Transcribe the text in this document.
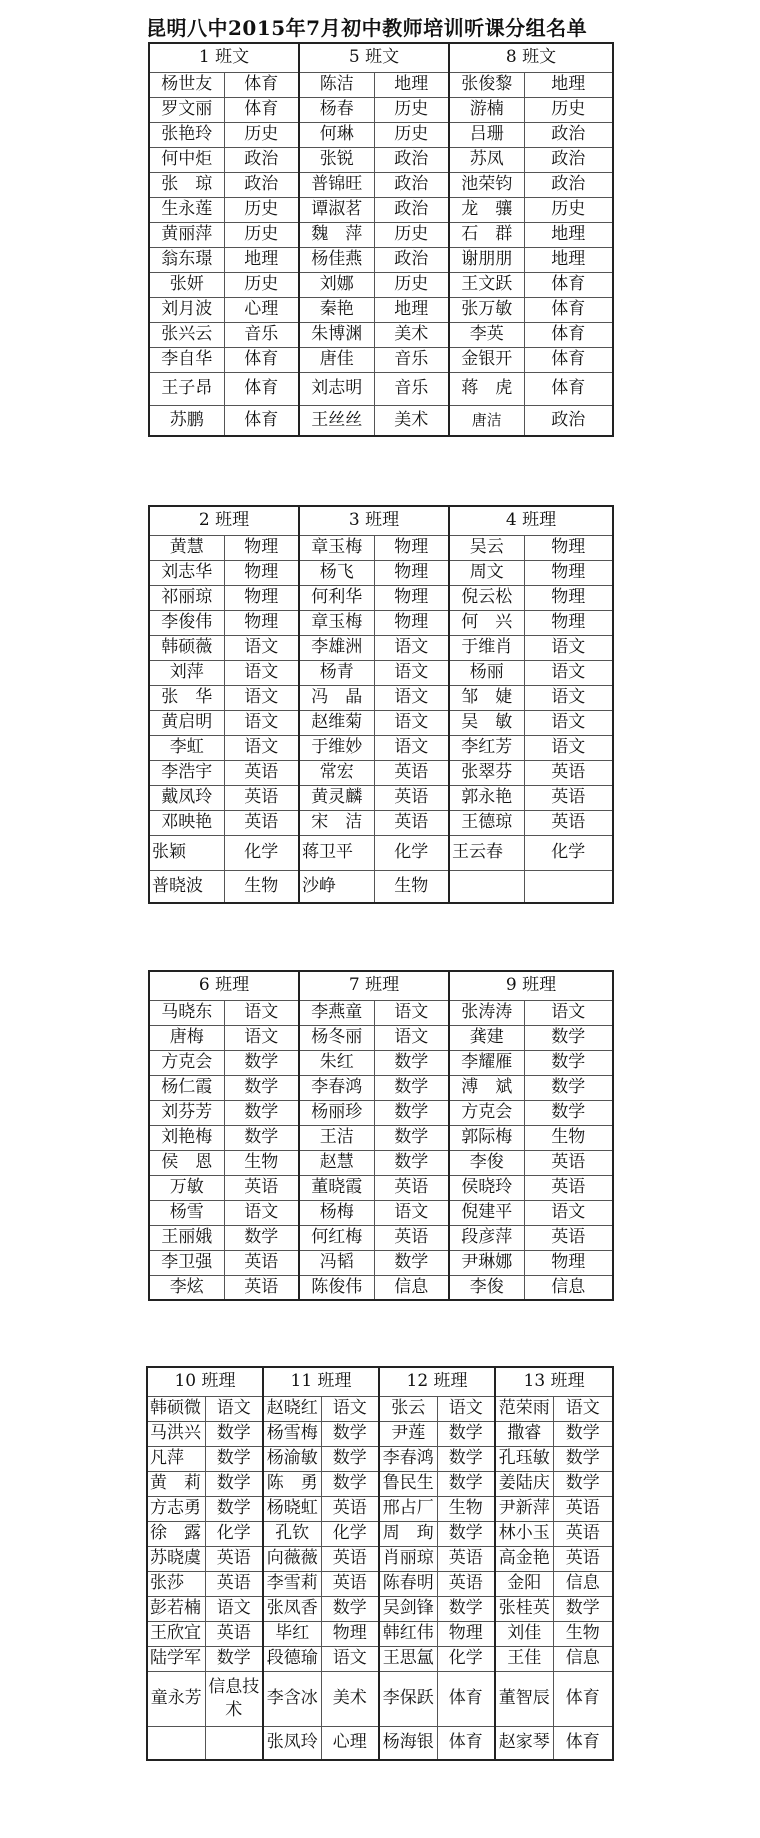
昆明八中2015年7月初中教师培训听课分组名单
1 班文		5 班文		8 班文	
杨世友	体育	陈洁	地理	张俊黎	地理
罗文丽	体育	杨春	历史	游楠	历史
张艳玲	历史	何琳	历史	吕珊	政治
何中炬	政治	张锐	政治	苏凤	政治
张　琼	政治	普锦旺	政治	池荣钧	政治
生永莲	历史	谭淑茗	政治	龙　骧	历史
黄丽萍	历史	魏　萍	历史	石　群	地理
翁东璟	地理	杨佳燕	政治	谢朋朋	地理
张妍	历史	刘娜	历史	王文跃	体育
刘月波	心理	秦艳	地理	张万敏	体育
张兴云	音乐	朱博渊	美术	李英	体育
李自华	体育	唐佳	音乐	金银开	体育
王子昂	体育	刘志明	音乐	蒋　虎	体育
苏鹏	体育	王丝丝	美术	唐洁	政治
2 班理		3 班理		4 班理	
黄慧	物理	章玉梅	物理	吴云	物理
刘志华	物理	杨飞	物理	周文	物理
祁丽琼	物理	何利华	物理	倪云松	物理
李俊伟	物理	章玉梅	物理	何　兴	物理
韩硕薇	语文	李雄洲	语文	于维肖	语文
刘萍	语文	杨青	语文	杨丽	语文
张　华	语文	冯　晶	语文	邹　婕	语文
黄启明	语文	赵维菊	语文	吴　敏	语文
李虹	语文	于维妙	语文	李红芳	语文
李浩宇	英语	常宏	英语	张翠芬	英语
戴凤玲	英语	黄灵麟	英语	郭永艳	英语
邓映艳	英语	宋　洁	英语	王德琼	英语
张颖	化学	蒋卫平	化学	王云春	化学
普晓波	生物	沙峥	生物		
6 班理		7 班理		9 班理	
马晓东	语文	李燕童	语文	张涛涛	语文
唐梅	语文	杨冬丽	语文	龚建	数学
方克会	数学	朱红	数学	李耀雁	数学
杨仁霞	数学	李春鸿	数学	溥　斌	数学
刘芬芳	数学	杨丽珍	数学	方克会	数学
刘艳梅	数学	王洁	数学	郭际梅	生物
侯　恩	生物	赵慧	数学	李俊	英语
万敏	英语	董晓霞	英语	侯晓玲	英语
杨雪	语文	杨梅	语文	倪建平	语文
王丽娥	数学	何红梅	英语	段彦萍	英语
李卫强	英语	冯韬	数学	尹琳娜	物理
李炫	英语	陈俊伟	信息	李俊	信息
10 班理		11 班理		12 班理		13 班理	
韩硕微	语文	赵晓红	语文	张云	语文	范荣雨	语文
马洪兴	数学	杨雪梅	数学	尹莲	数学	撒睿	数学
凡萍	数学	杨渝敏	数学	李春鸿	数学	孔珏敏	数学
黄　莉	数学	陈　勇	数学	鲁民生	数学	姜陆庆	数学
方志勇	数学	杨晓虹	英语	邢占厂	生物	尹新萍	英语
徐　露	化学	孔钦	化学	周　珣	数学	林小玉	英语
苏晓虞	英语	向薇薇	英语	肖丽琼	英语	高金艳	英语
张莎	英语	李雪莉	英语	陈春明	英语	金阳	信息
彭若楠	语文	张凤香	数学	吴剑锋	数学	张桂英	数学
王欣宜	英语	毕红	物理	韩红伟	物理	刘佳	生物
陆学军	数学	段德瑜	语文	王思氲	化学	王佳	信息
童永芳	信息技术	李含冰	美术	李保跃	体育	董智辰	体育
		张凤玲	心理	杨海银	体育	赵家琴	体育
